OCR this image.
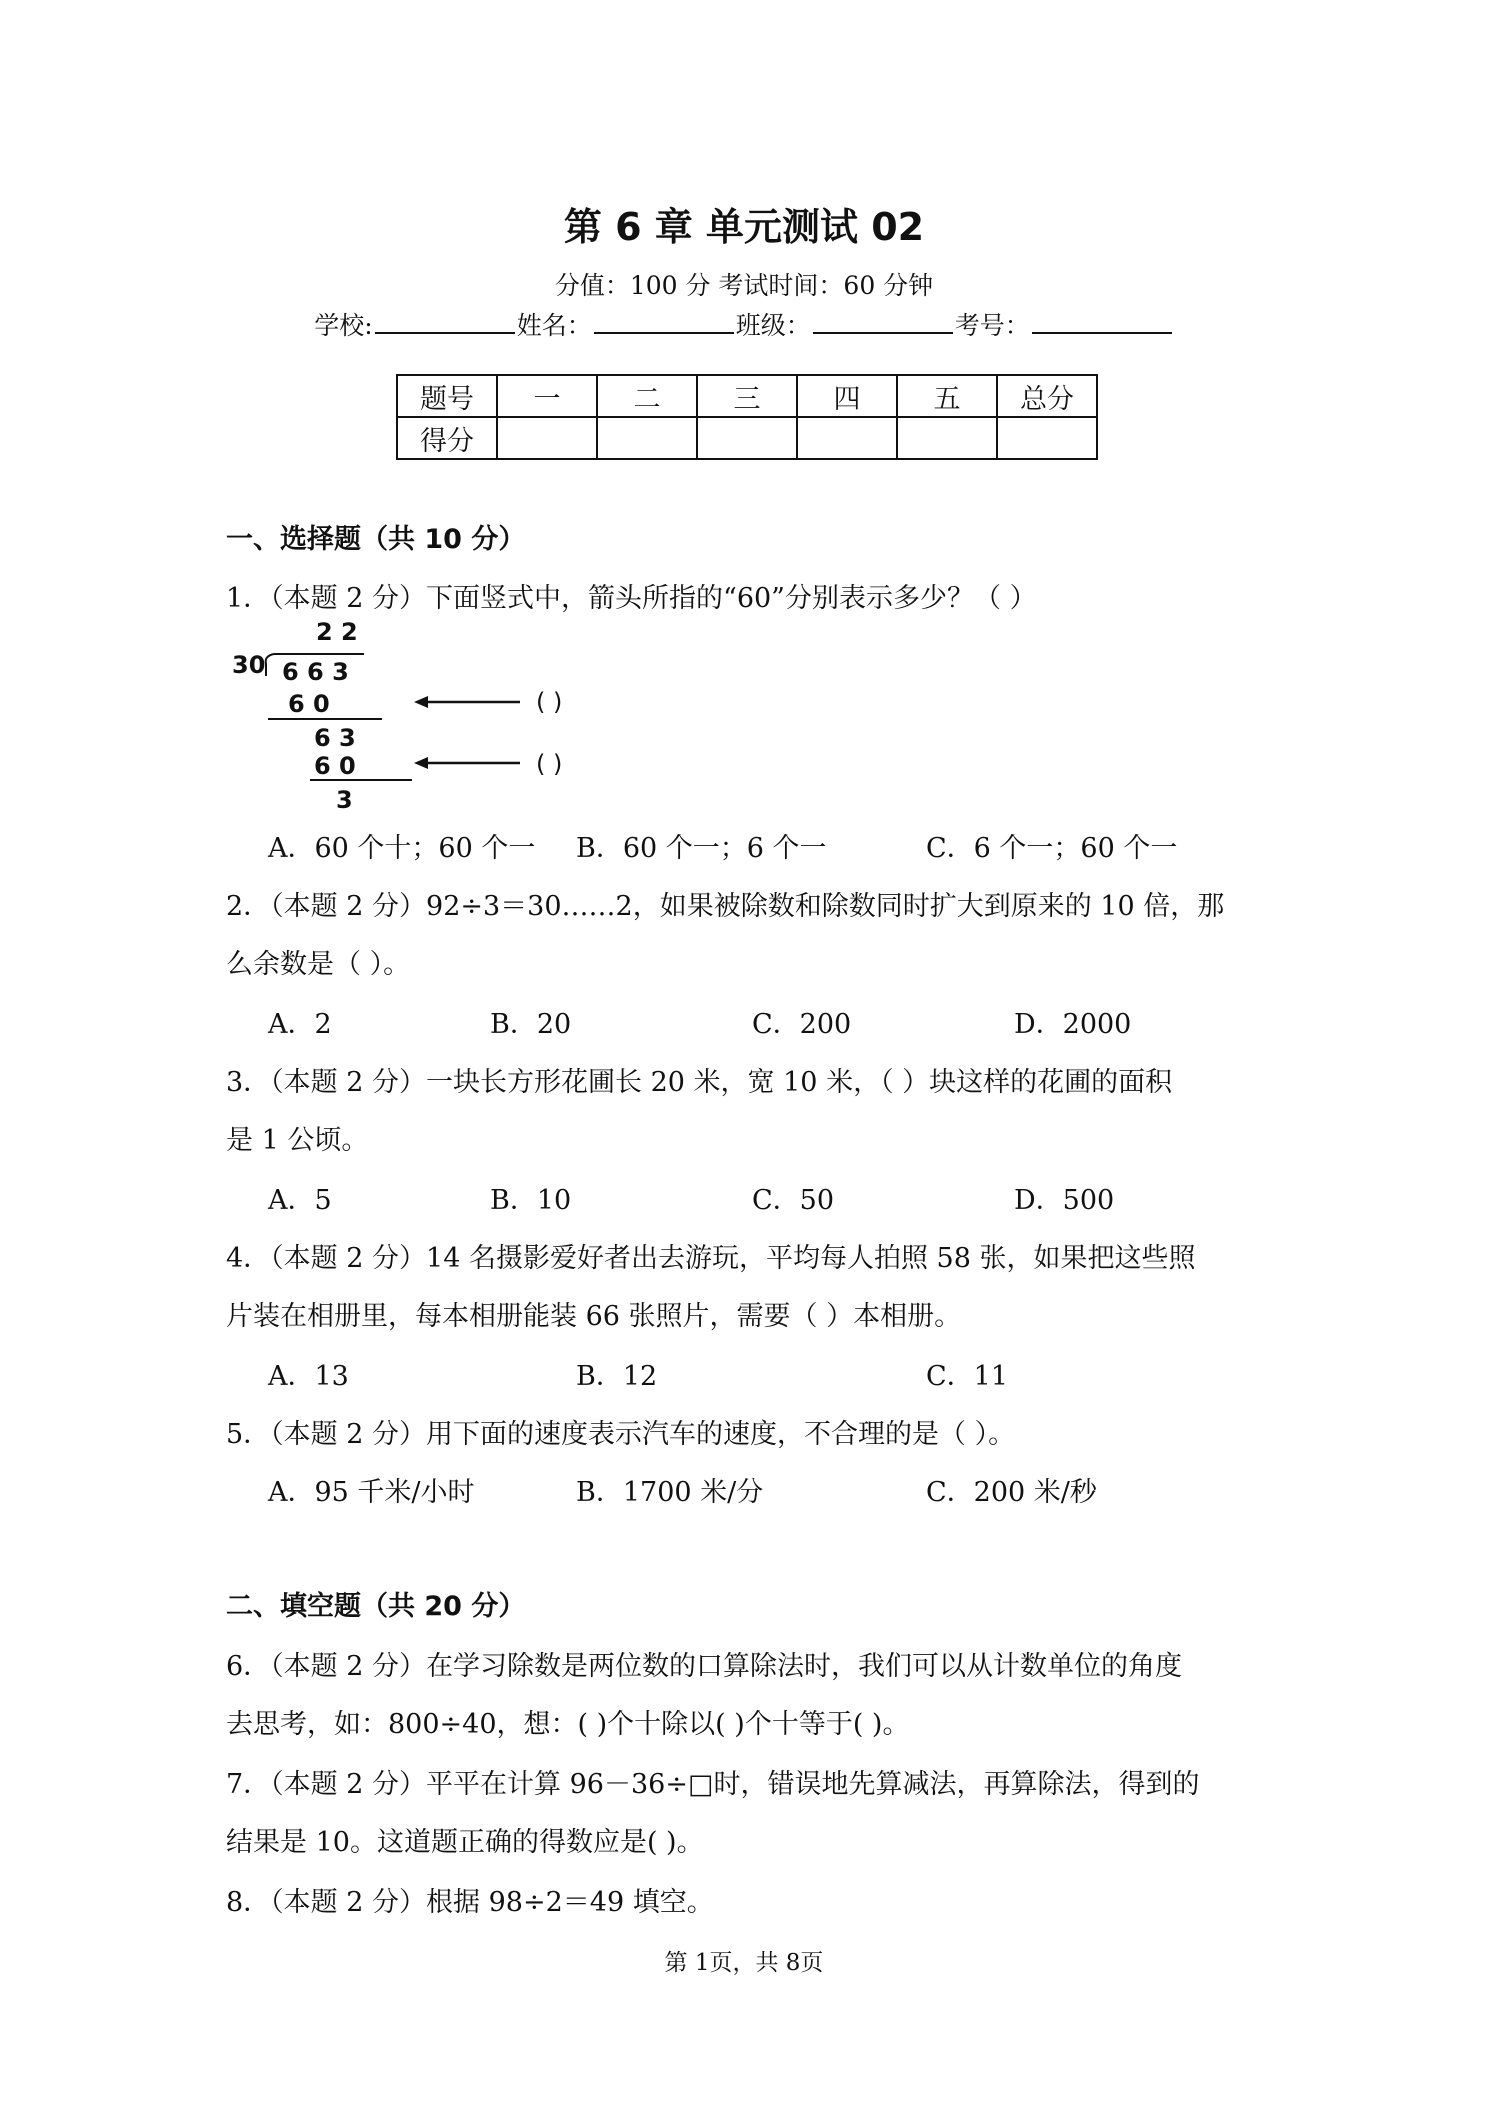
第 6 章 单元测试 02
分值：100 分 考试时间：60 分钟
学校:	姓名：	班级：	考号：
题号	一	二	三	四	五	总分
得分						
一、选择题（共 10 分）
1．（本题 2 分）下面竖式中，箭头所指的“60”分别表示多少？（ ）
2 2
30 6 6 3
6 0
6 3
6 0
3
( )
( )
A．60 个十；60 个一 B．60 个一；6 个一	C．6 个一；60 个一
2．（本题 2 分）92÷3＝30……2，如果被除数和除数同时扩大到原来的 10 倍，那
么余数是（ ）。
A．2	B．20	C．200	D．2000
3．（本题 2 分）一块长方形花圃长 20 米，宽 10 米，（ ）块这样的花圃的面积
是 1 公顷。
A．5	B．10	C．50	D．500
4．（本题 2 分）14 名摄影爱好者出去游玩，平均每人拍照 58 张，如果把这些照
片装在相册里，每本相册能装 66 张照片，需要（ ）本相册。
A．13	B．12	C．11
5．（本题 2 分）用下面的速度表示汽车的速度，不合理的是（ ）。
A．95 千米/小时	B．1700 米/分	C．200 米/秒
二、填空题（共 20 分）
6．（本题 2 分）在学习除数是两位数的口算除法时，我们可以从计数单位的角度
去思考，如：800÷40，想：( )个十除以( )个十等于( )。
7．（本题 2 分）平平在计算 96－36÷□时，错误地先算减法，再算除法，得到的
结果是 10。这道题正确的得数应是( )。
8．（本题 2 分）根据 98÷2＝49 填空。
第 1页，共 8页
